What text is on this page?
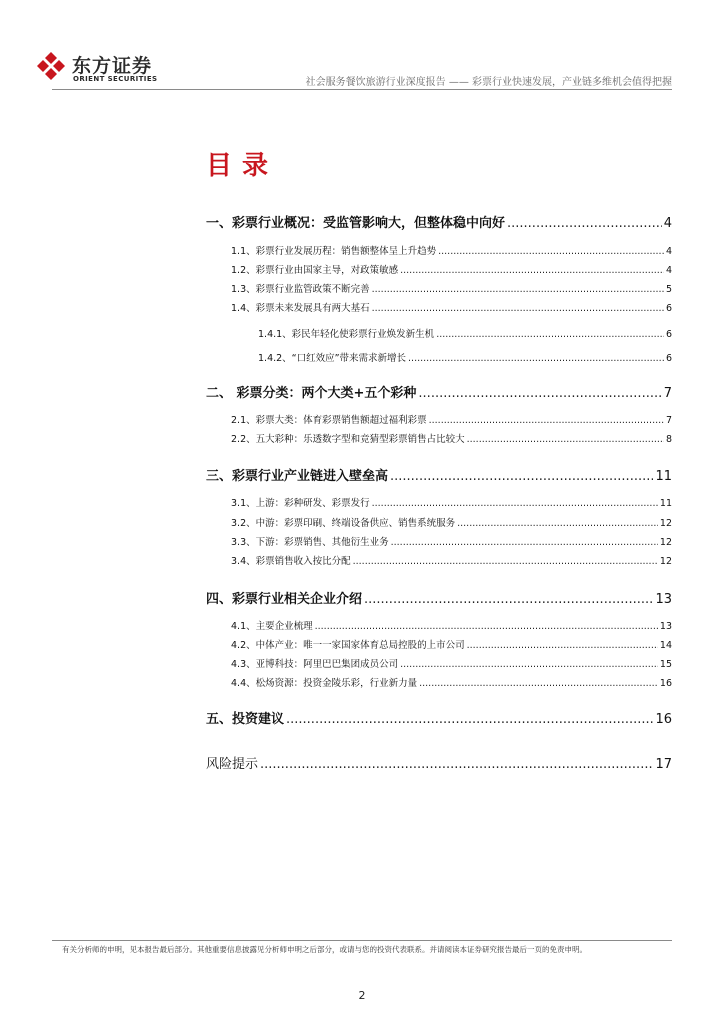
东方证券
ORIENT SECURITIES	社会服务餐饮旅游行业深度报告 —— 彩票行业快速发展，产业链多维机会值得把握
目录
一、彩票行业概况：受监管影响大，但整体稳中向好 .....	4
1.1、彩票行业发展历程：销售额整体呈上升趋势 .....	4
1.2、彩票行业由国家主导，对政策敏感 .....	4
1.3、彩票行业监管政策不断完善 .....	5
1.4、彩票未来发展具有两大基石 .....	6
1.4.1、彩民年轻化使彩票行业焕发新生机 .....	6
1.4.2、“口红效应”带来需求新增长 .....	6
二、 彩票分类：两个大类+五个彩种 .....	7
2.1、彩票大类：体育彩票销售额超过福利彩票 .....	7
2.2、五大彩种：乐透数字型和竞猜型彩票销售占比较大 .....	8
三、彩票行业产业链进入壁垒高 .....	11
3.1、上游：彩种研发、彩票发行 .....	11
3.2、中游：彩票印刷、终端设备供应、销售系统服务 .....	12
3.3、下游：彩票销售、其他衍生业务 .....	12
3.4、彩票销售收入按比分配 .....	12
四、彩票行业相关企业介绍 .....	13
4.1、主要企业梳理 .....	13
4.2、中体产业：唯一一家国家体育总局控股的上市公司 .....	14
4.3、亚博科技：阿里巴巴集团成员公司 .....	15
4.4、松炀资源：投资金陵乐彩，行业新力量 .....	16
五、投资建议 .....	16
风险提示 .....	17
有关分析师的申明，见本报告最后部分。其他重要信息披露见分析师申明之后部分，或请与您的投资代表联系。并请阅读本证券研究报告最后一页的免责申明。
2
